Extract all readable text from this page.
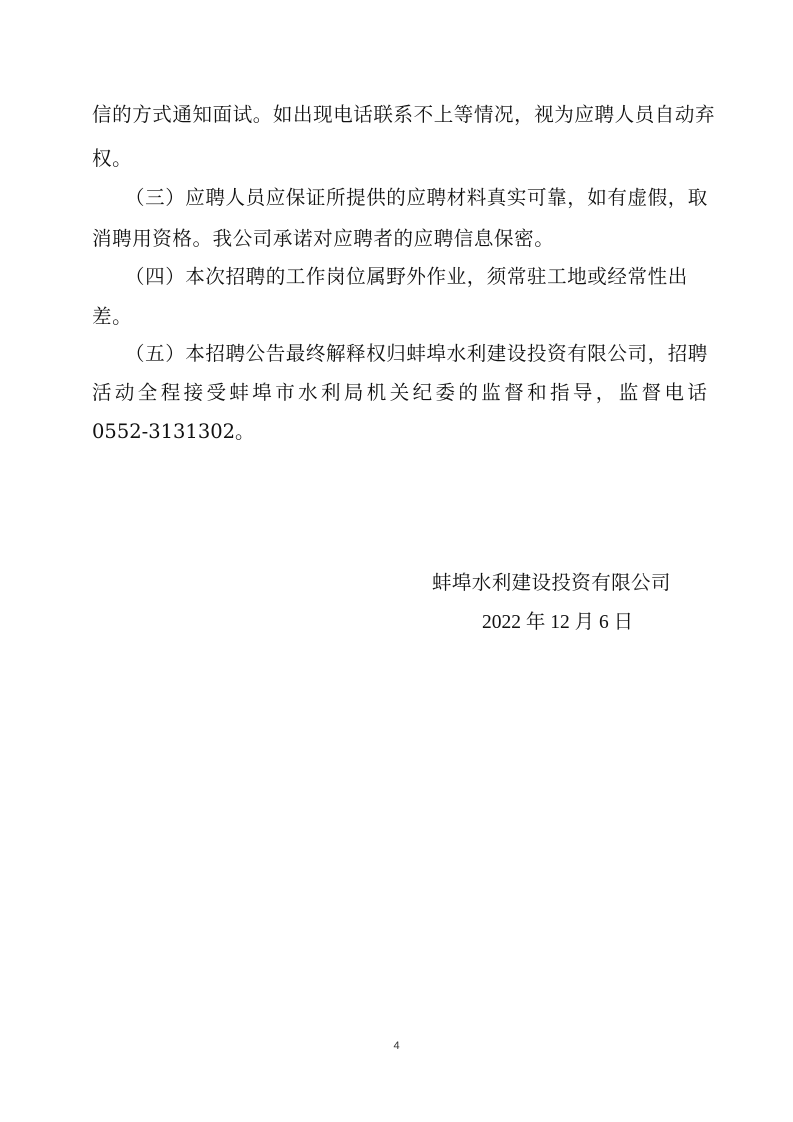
信的方式通知面试。如出现电话联系不上等情况，视为应聘人员自动弃
权。
（三）应聘人员应保证所提供的应聘材料真实可靠，如有虚假，取
消聘用资格。我公司承诺对应聘者的应聘信息保密。
（四）本次招聘的工作岗位属野外作业，须常驻工地或经常性出
差。
（五）本招聘公告最终解释权归蚌埠水利建设投资有限公司，招聘
活动全程接受蚌埠市水利局机关纪委的监督和指导，监督电话
0552-3131302。
蚌埠水利建设投资有限公司
2022 年 12 月 6 日
4
